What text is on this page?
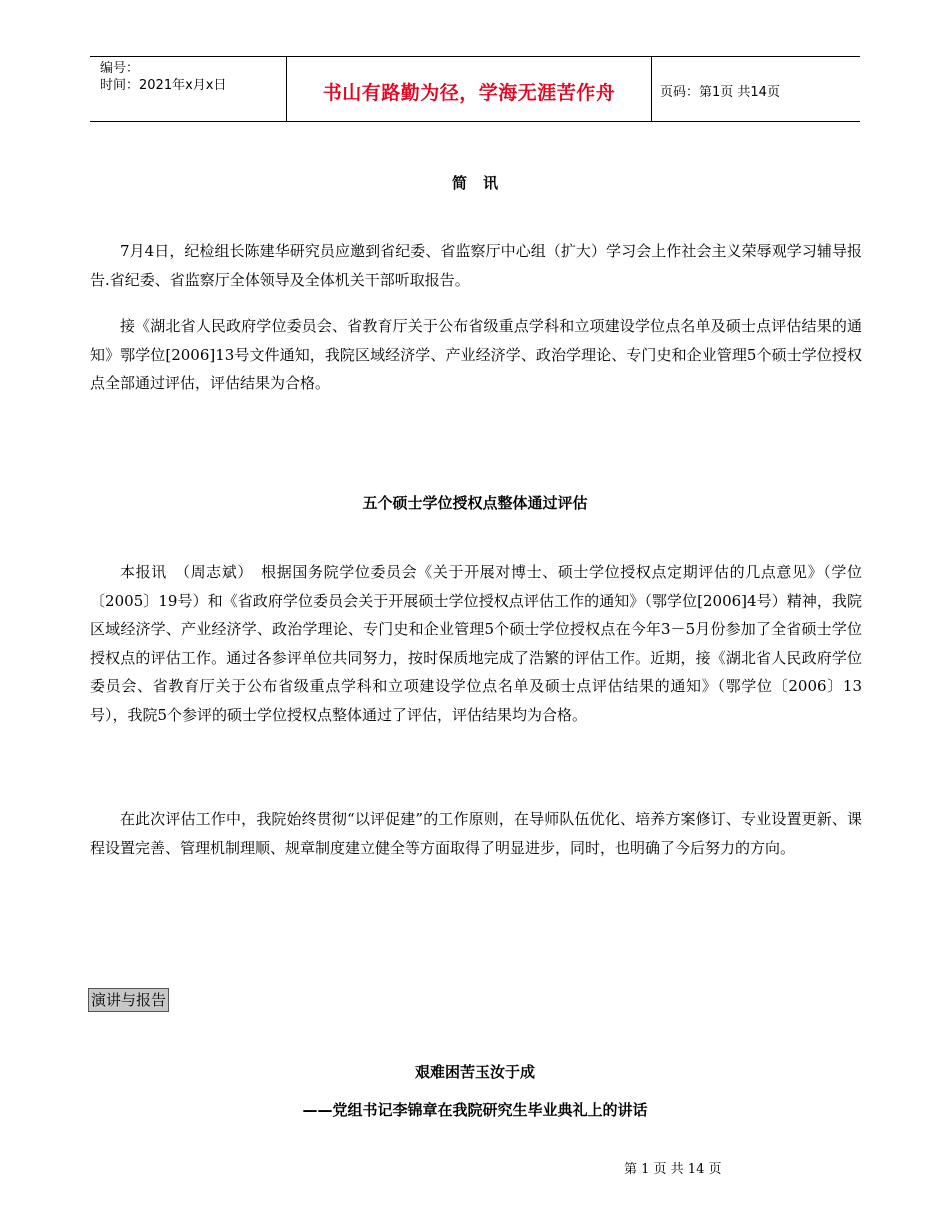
编号：
时间：2021年x月x日	书山有路勤为径，学海无涯苦作舟	页码：第1页 共14页
简讯

7月4日，纪检组长陈建华研究员应邀到省纪委、省监察厅中心组（扩大）学习会上作社会主义荣辱观学习辅导报告.省纪委、省监察厅全体领导及全体机关干部听取报告。

接《湖北省人民政府学位委员会、省教育厅关于公布省级重点学科和立项建设学位点名单及硕士点评估结果的通知》鄂学位[2006]13号文件通知，我院区域经济学、产业经济学、政治学理论、专门史和企业管理5个硕士学位授权点全部通过评估，评估结果为合格。

五个硕士学位授权点整体通过评估

本报讯　（周志斌）　根据国务院学位委员会《关于开展对博士、硕士学位授权点定期评估的几点意见》（学位〔2005〕19号）和《省政府学位委员会关于开展硕士学位授权点评估工作的通知》（鄂学位[2006]4号）精神，我院区域经济学、产业经济学、政治学理论、专门史和企业管理5个硕士学位授权点在今年3－5月份参加了全省硕士学位授权点的评估工作。通过各参评单位共同努力，按时保质地完成了浩繁的评估工作。近期，接《湖北省人民政府学位委员会、省教育厅关于公布省级重点学科和立项建设学位点名单及硕士点评估结果的通知》（鄂学位〔2006〕13号），我院5个参评的硕士学位授权点整体通过了评估，评估结果均为合格。

在此次评估工作中，我院始终贯彻“以评促建”的工作原则，在导师队伍优化、培养方案修订、专业设置更新、课程设置完善、管理机制理顺、规章制度建立健全等方面取得了明显进步，同时，也明确了今后努力的方向。

演讲与报告
艰难困苦玉汝于成
——党组书记李锦章在我院研究生毕业典礼上的讲话
第 1 页 共 14 页
